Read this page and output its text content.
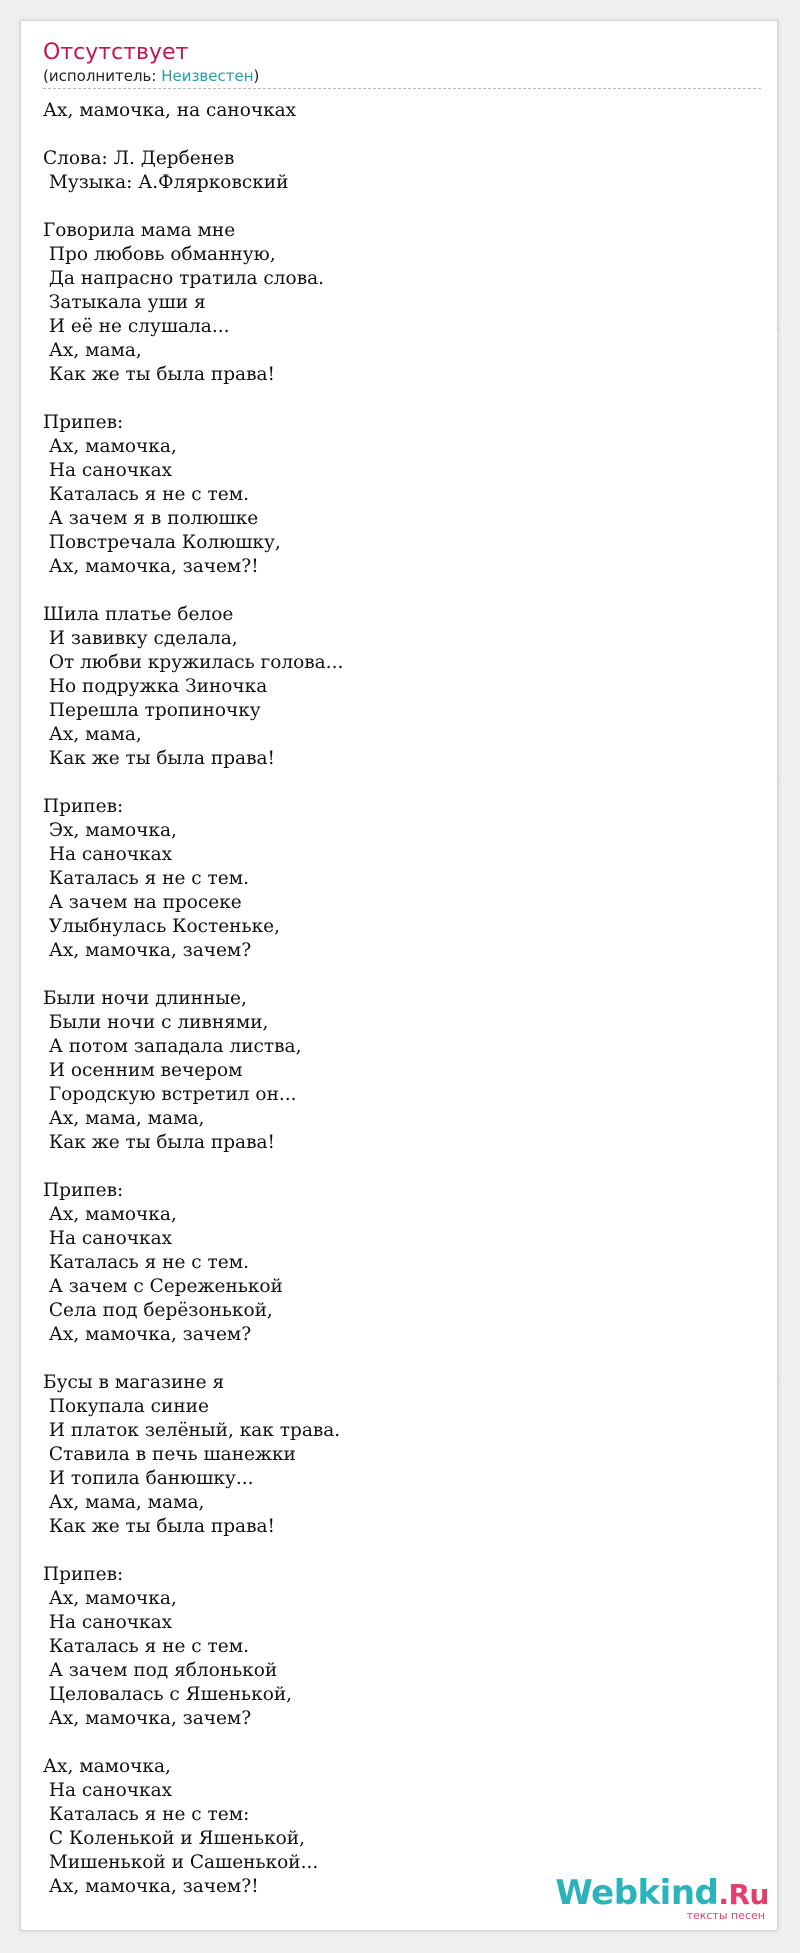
Отсутствует
(исполнитель: Неизвестен)
Ах, мамочка, на саночках
Слова: Л. Дербенев
Музыка: А.Флярковский
Говорила мама мне
Про любовь обманную,
Да напрасно тратила слова.
Затыкала уши я
И её не слушала...
Ах, мама,
Как же ты была права!
Припев:
Ах, мамочка,
На саночках
Каталась я не с тем.
А зачем я в полюшке
Повстречала Колюшку,
Ах, мамочка, зачем?!
Шила платье белое
И завивку сделала,
От любви кружилась голова...
Но подружка Зиночка
Перешла тропиночку
Ах, мама,
Как же ты была права!
Припев:
Эх, мамочка,
На саночках
Каталась я не с тем.
А зачем на просеке
Улыбнулась Костеньке,
Ах, мамочка, зачем?
Были ночи длинные,
Были ночи с ливнями,
А потом западала листва,
И осенним вечером
Городскую встретил он...
Ах, мама, мама,
Как же ты была права!
Припев:
Ах, мамочка,
На саночках
Каталась я не с тем.
А зачем с Сереженькой
Села под берёзонькой,
Ах, мамочка, зачем?
Бусы в магазине я
Покупала синие
И платок зелёный, как трава.
Ставила в печь шанежки
И топила банюшку...
Ах, мама, мама,
Как же ты была права!
Припев:
Ах, мамочка,
На саночках
Каталась я не с тем.
А зачем под яблонькой
Целовалась с Яшенькой,
Ах, мамочка, зачем?
Ах, мамочка,
На саночках
Каталась я не с тем:
С Коленькой и Яшенькой,
Мишенькой и Сашенькой...
Ах, мамочка, зачем?!
‹
‹
‹
Webkind.Ru
тексты песен
